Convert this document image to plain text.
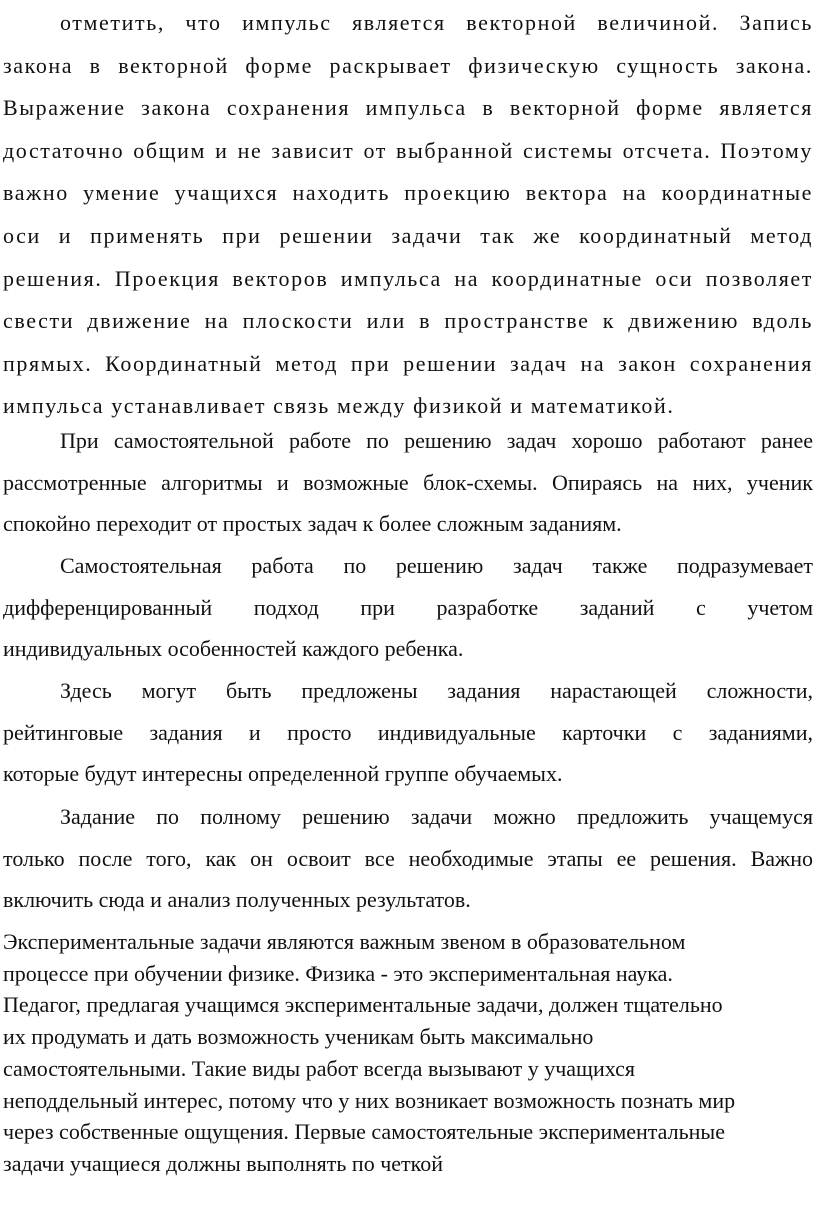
отметить, что импульс является векторной величиной. Запись
закона в векторной форме раскрывает физическую сущность закона.
Выражение закона сохранения импульса в векторной форме является
достаточно общим и не зависит от выбранной системы отсчета. Поэтому
важно умение учащихся находить проекцию вектора на координатные
оси и применять при решении задачи так же координатный метод
решения. Проекция векторов импульса на координатные оси позволяет
свести движение на плоскости или в пространстве к движению вдоль
прямых. Координатный метод при решении задач на закон сохранения
импульса устанавливает связь между физикой и математикой.

При самостоятельной работе по решению задач хорошо работают ранее
рассмотренные алгоритмы и возможные блок-схемы. Опираясь на них, ученик
спокойно переходит от простых задач к более сложным заданиям.

Самостоятельная работа по решению задач также подразумевает
дифференцированный подход при разработке заданий с учетом
индивидуальных особенностей каждого ребенка.

Здесь могут быть предложены задания нарастающей сложности,
рейтинговые задания и просто индивидуальные карточки с заданиями,
которые будут интересны определенной группе обучаемых.

Задание по полному решению задачи можно предложить учащемуся
только после того, как он освоит все необходимые этапы ее решения. Важно
включить сюда и анализ полученных результатов.

Экспериментальные задачи являются важным звеном в образовательном
процессе при обучении физике. Физика - это экспериментальная наука.
Педагог, предлагая учащимся экспериментальные задачи, должен тщательно
их продумать и дать возможность ученикам быть максимально
самостоятельными. Такие виды работ всегда вызывают у учащихся
неподдельный интерес, потому что у них возникает возможность познать мир
через собственные ощущения. Первые самостоятельные экспериментальные
задачи учащиеся должны выполнять по четкой
